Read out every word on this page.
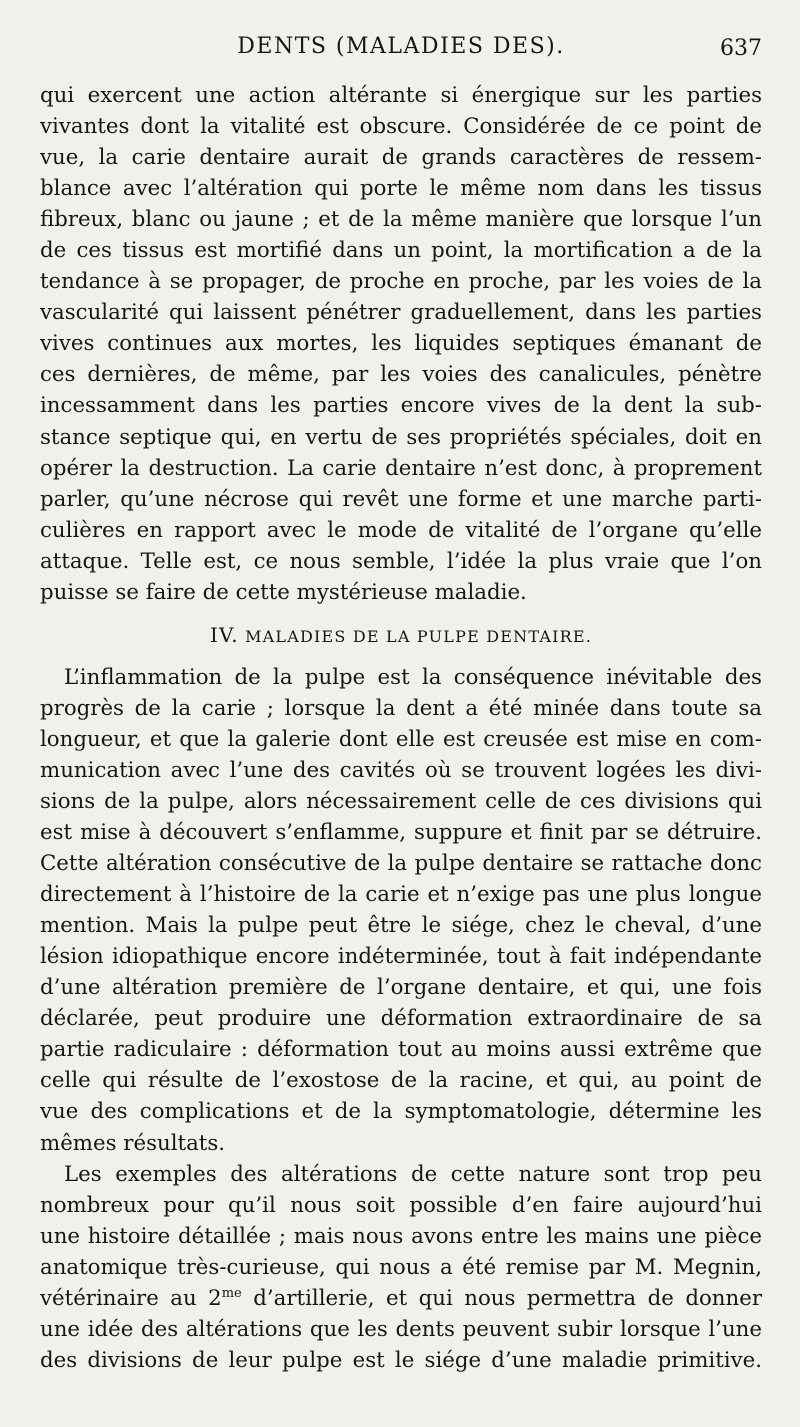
DENTS (MALADIES DES).	637
qui exercent une action altérante si énergique sur les parties
vivantes dont la vitalité est obscure. Considérée de ce point de
vue, la carie dentaire aurait de grands caractères de ressem-
blance avec l’altération qui porte le même nom dans les tissus
fibreux, blanc ou jaune ; et de la même manière que lorsque l’un
de ces tissus est mortifié dans un point, la mortification a de la
tendance à se propager, de proche en proche, par les voies de la
vascularité qui laissent pénétrer graduellement, dans les parties
vives continues aux mortes, les liquides septiques émanant de
ces dernières, de même, par les voies des canalicules, pénètre
incessamment dans les parties encore vives de la dent la sub-
stance septique qui, en vertu de ses propriétés spéciales, doit en
opérer la destruction. La carie dentaire n’est donc, à proprement
parler, qu’une nécrose qui revêt une forme et une marche parti-
culières en rapport avec le mode de vitalité de l’organe qu’elle
attaque. Telle est, ce nous semble, l’idée la plus vraie que l’on
puisse se faire de cette mystérieuse maladie.
IV. MALADIES DE LA PULPE DENTAIRE.
L’inflammation de la pulpe est la conséquence inévitable des
progrès de la carie ; lorsque la dent a été minée dans toute sa
longueur, et que la galerie dont elle est creusée est mise en com-
munication avec l’une des cavités où se trouvent logées les divi-
sions de la pulpe, alors nécessairement celle de ces divisions qui
est mise à découvert s’enflamme, suppure et finit par se détruire.
Cette altération consécutive de la pulpe dentaire se rattache donc
directement à l’histoire de la carie et n’exige pas une plus longue
mention. Mais la pulpe peut être le siége, chez le cheval, d’une
lésion idiopathique encore indéterminée, tout à fait indépendante
d’une altération première de l’organe dentaire, et qui, une fois
déclarée, peut produire une déformation extraordinaire de sa
partie radiculaire : déformation tout au moins aussi extrême que
celle qui résulte de l’exostose de la racine, et qui, au point de
vue des complications et de la symptomatologie, détermine les
mêmes résultats.
Les exemples des altérations de cette nature sont trop peu
nombreux pour qu’il nous soit possible d’en faire aujourd’hui
une histoire détaillée ; mais nous avons entre les mains une pièce
anatomique très-curieuse, qui nous a été remise par M. Megnin,
vétérinaire au $2^{me}$ d’artillerie, et qui nous permettra de donner
une idée des altérations que les dents peuvent subir lorsque l’une
des divisions de leur pulpe est le siége d’une maladie primitive.
